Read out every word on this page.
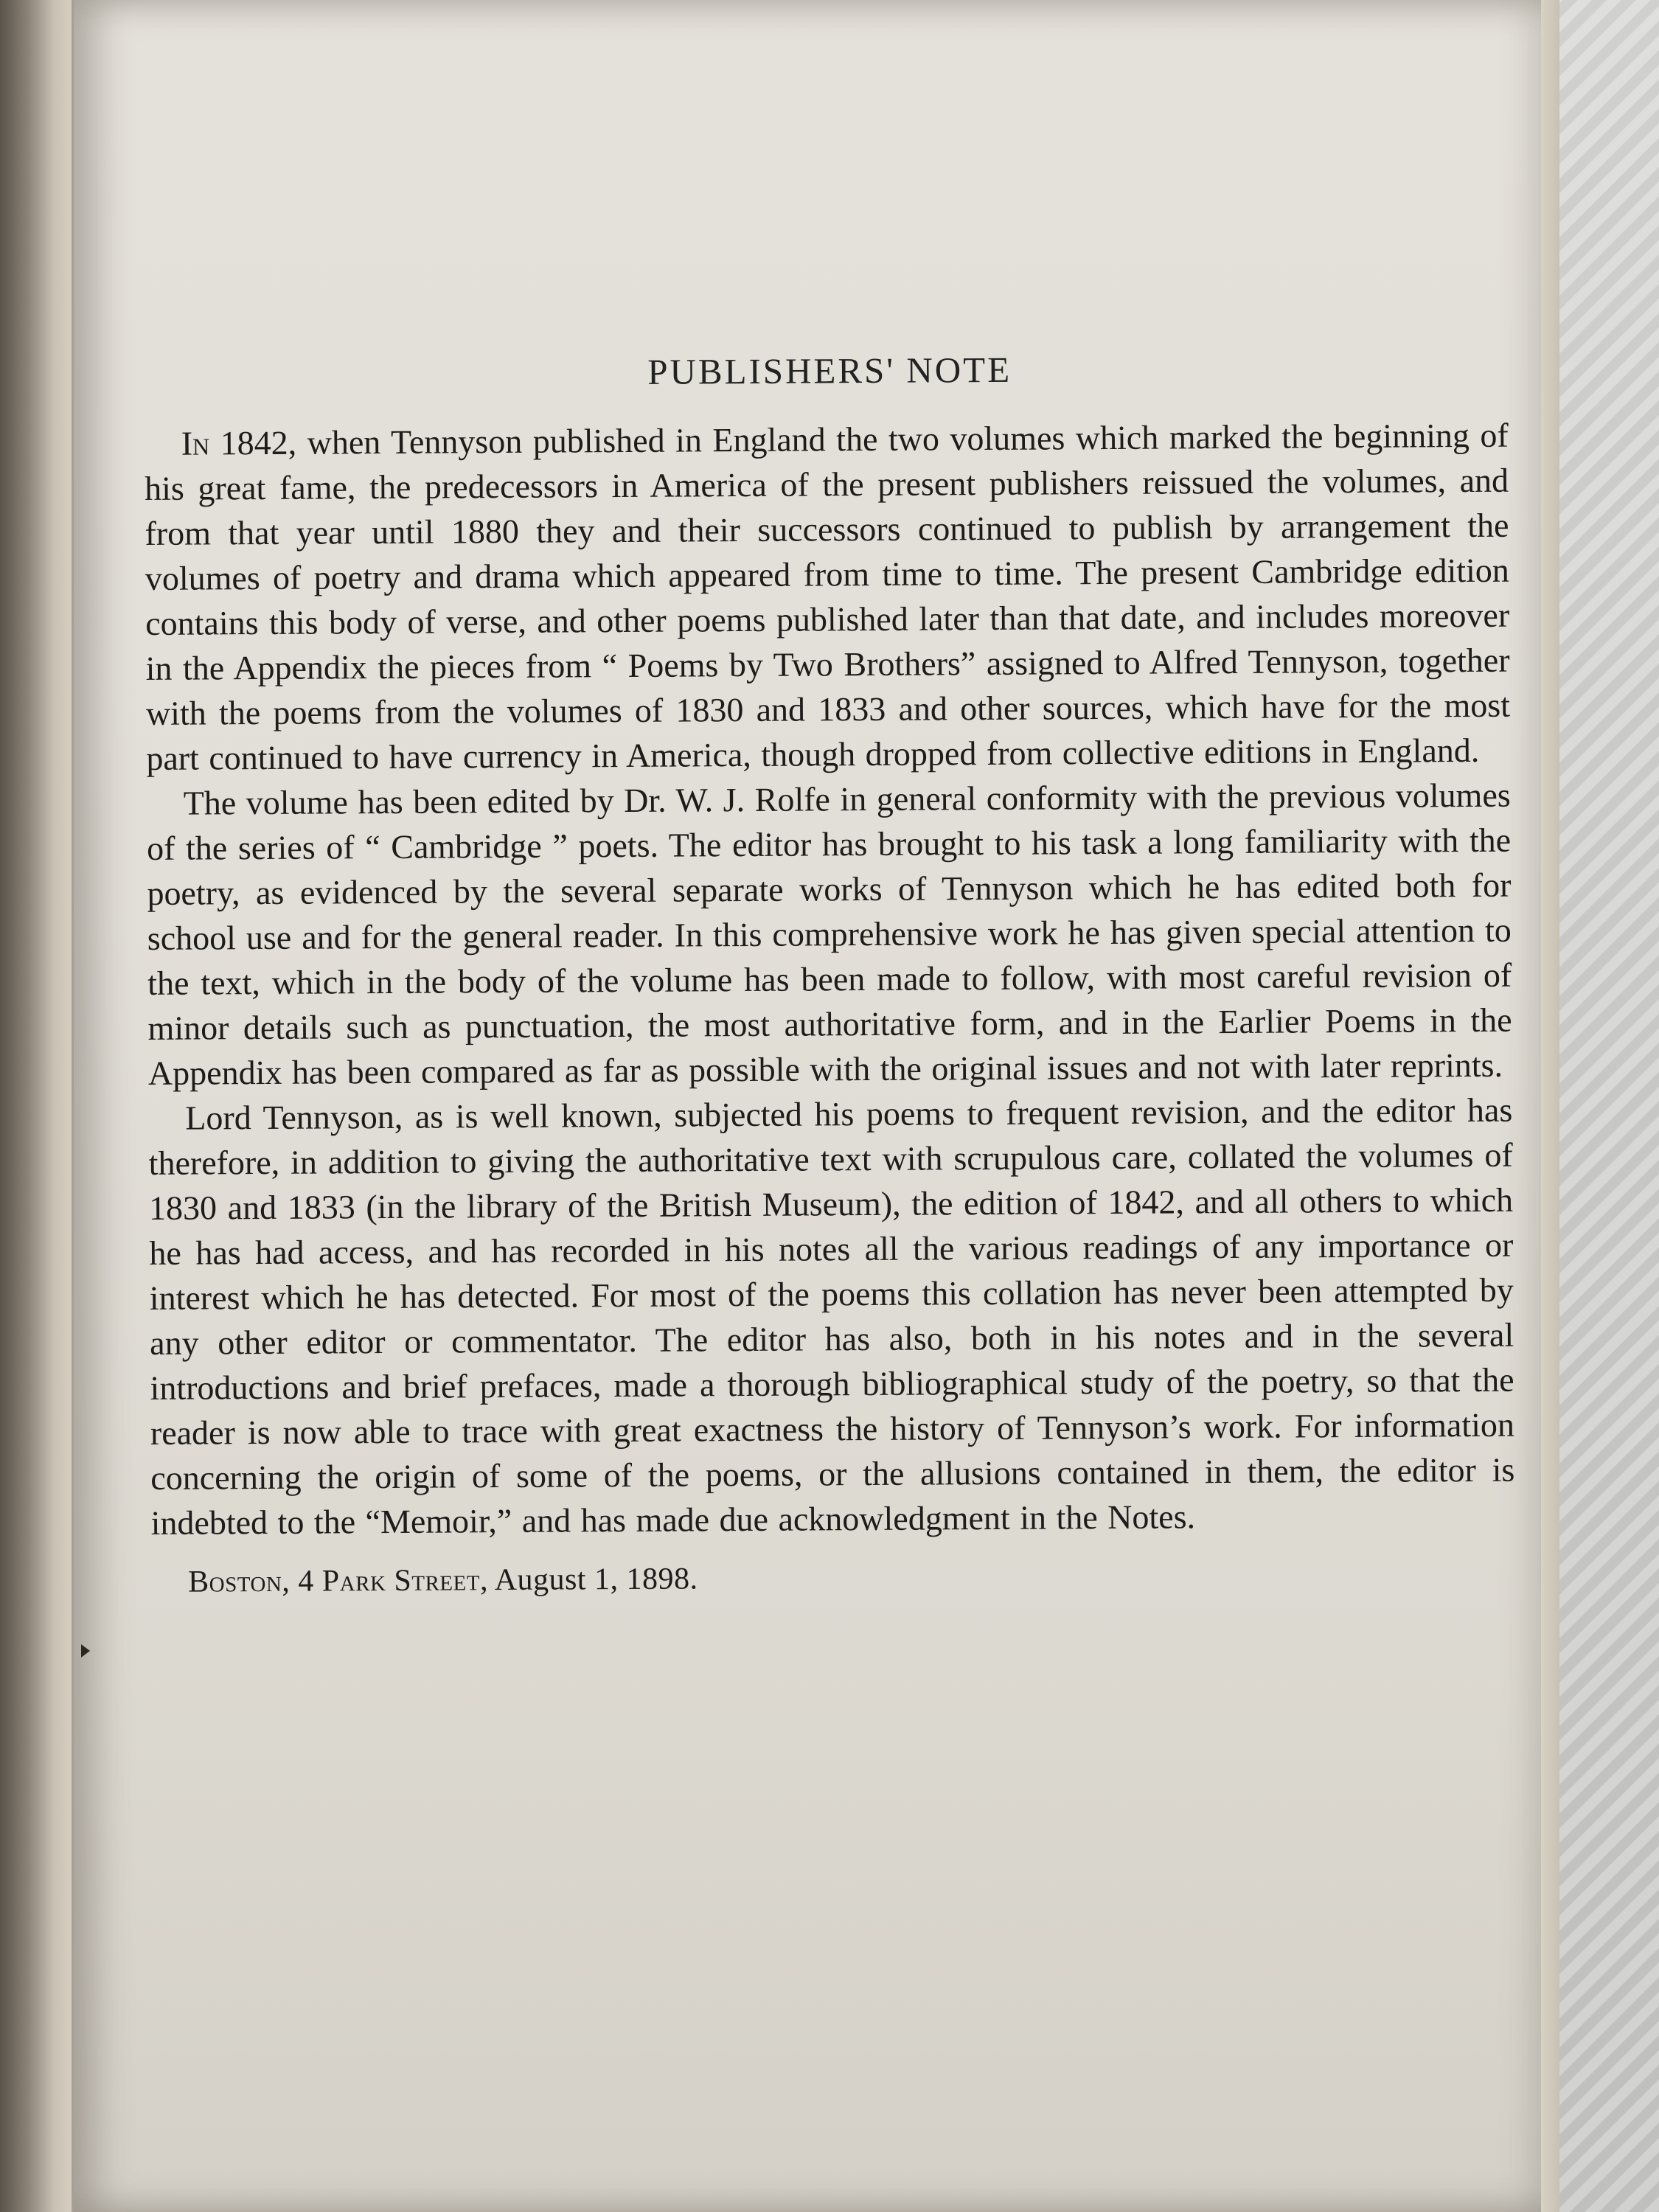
PUBLISHERS' NOTE

In 1842, when Tennyson published in England the two volumes which marked the beginning of his great fame, the predecessors in America of the present publishers reissued the volumes, and from that year until 1880 they and their successors continued to publish by arrangement the volumes of poetry and drama which appeared from time to time. The present Cambridge edition contains this body of verse, and other poems published later than that date, and includes moreover in the Appendix the pieces from “ Poems by Two Brothers” assigned to Alfred Tennyson, together with the poems from the volumes of 1830 and 1833 and other sources, which have for the most part continued to have currency in America, though dropped from collective editions in England.

The volume has been edited by Dr. W. J. Rolfe in general conformity with the previous volumes of the series of “ Cambridge ” poets. The editor has brought to his task a long familiarity with the poetry, as evidenced by the several separate works of Tennyson which he has edited both for school use and for the general reader. In this comprehensive work he has given special attention to the text, which in the body of the volume has been made to follow, with most careful revision of minor details such as punctuation, the most authoritative form, and in the Earlier Poems in the Appendix has been compared as far as possible with the original issues and not with later reprints.

Lord Tennyson, as is well known, subjected his poems to frequent revision, and the editor has therefore, in addition to giving the authoritative text with scrupulous care, collated the volumes of 1830 and 1833 (in the library of the British Museum), the edition of 1842, and all others to which he has had access, and has recorded in his notes all the various readings of any importance or interest which he has detected. For most of the poems this collation has never been attempted by any other editor or commentator. The editor has also, both in his notes and in the several introductions and brief prefaces, made a thorough bibliographical study of the poetry, so that the reader is now able to trace with great exactness the history of Tennyson’s work. For information concerning the origin of some of the poems, or the allusions contained in them, the editor is indebted to the “Memoir,” and has made due acknowledgment in the Notes.

Boston, 4 Park Street, August 1, 1898.
